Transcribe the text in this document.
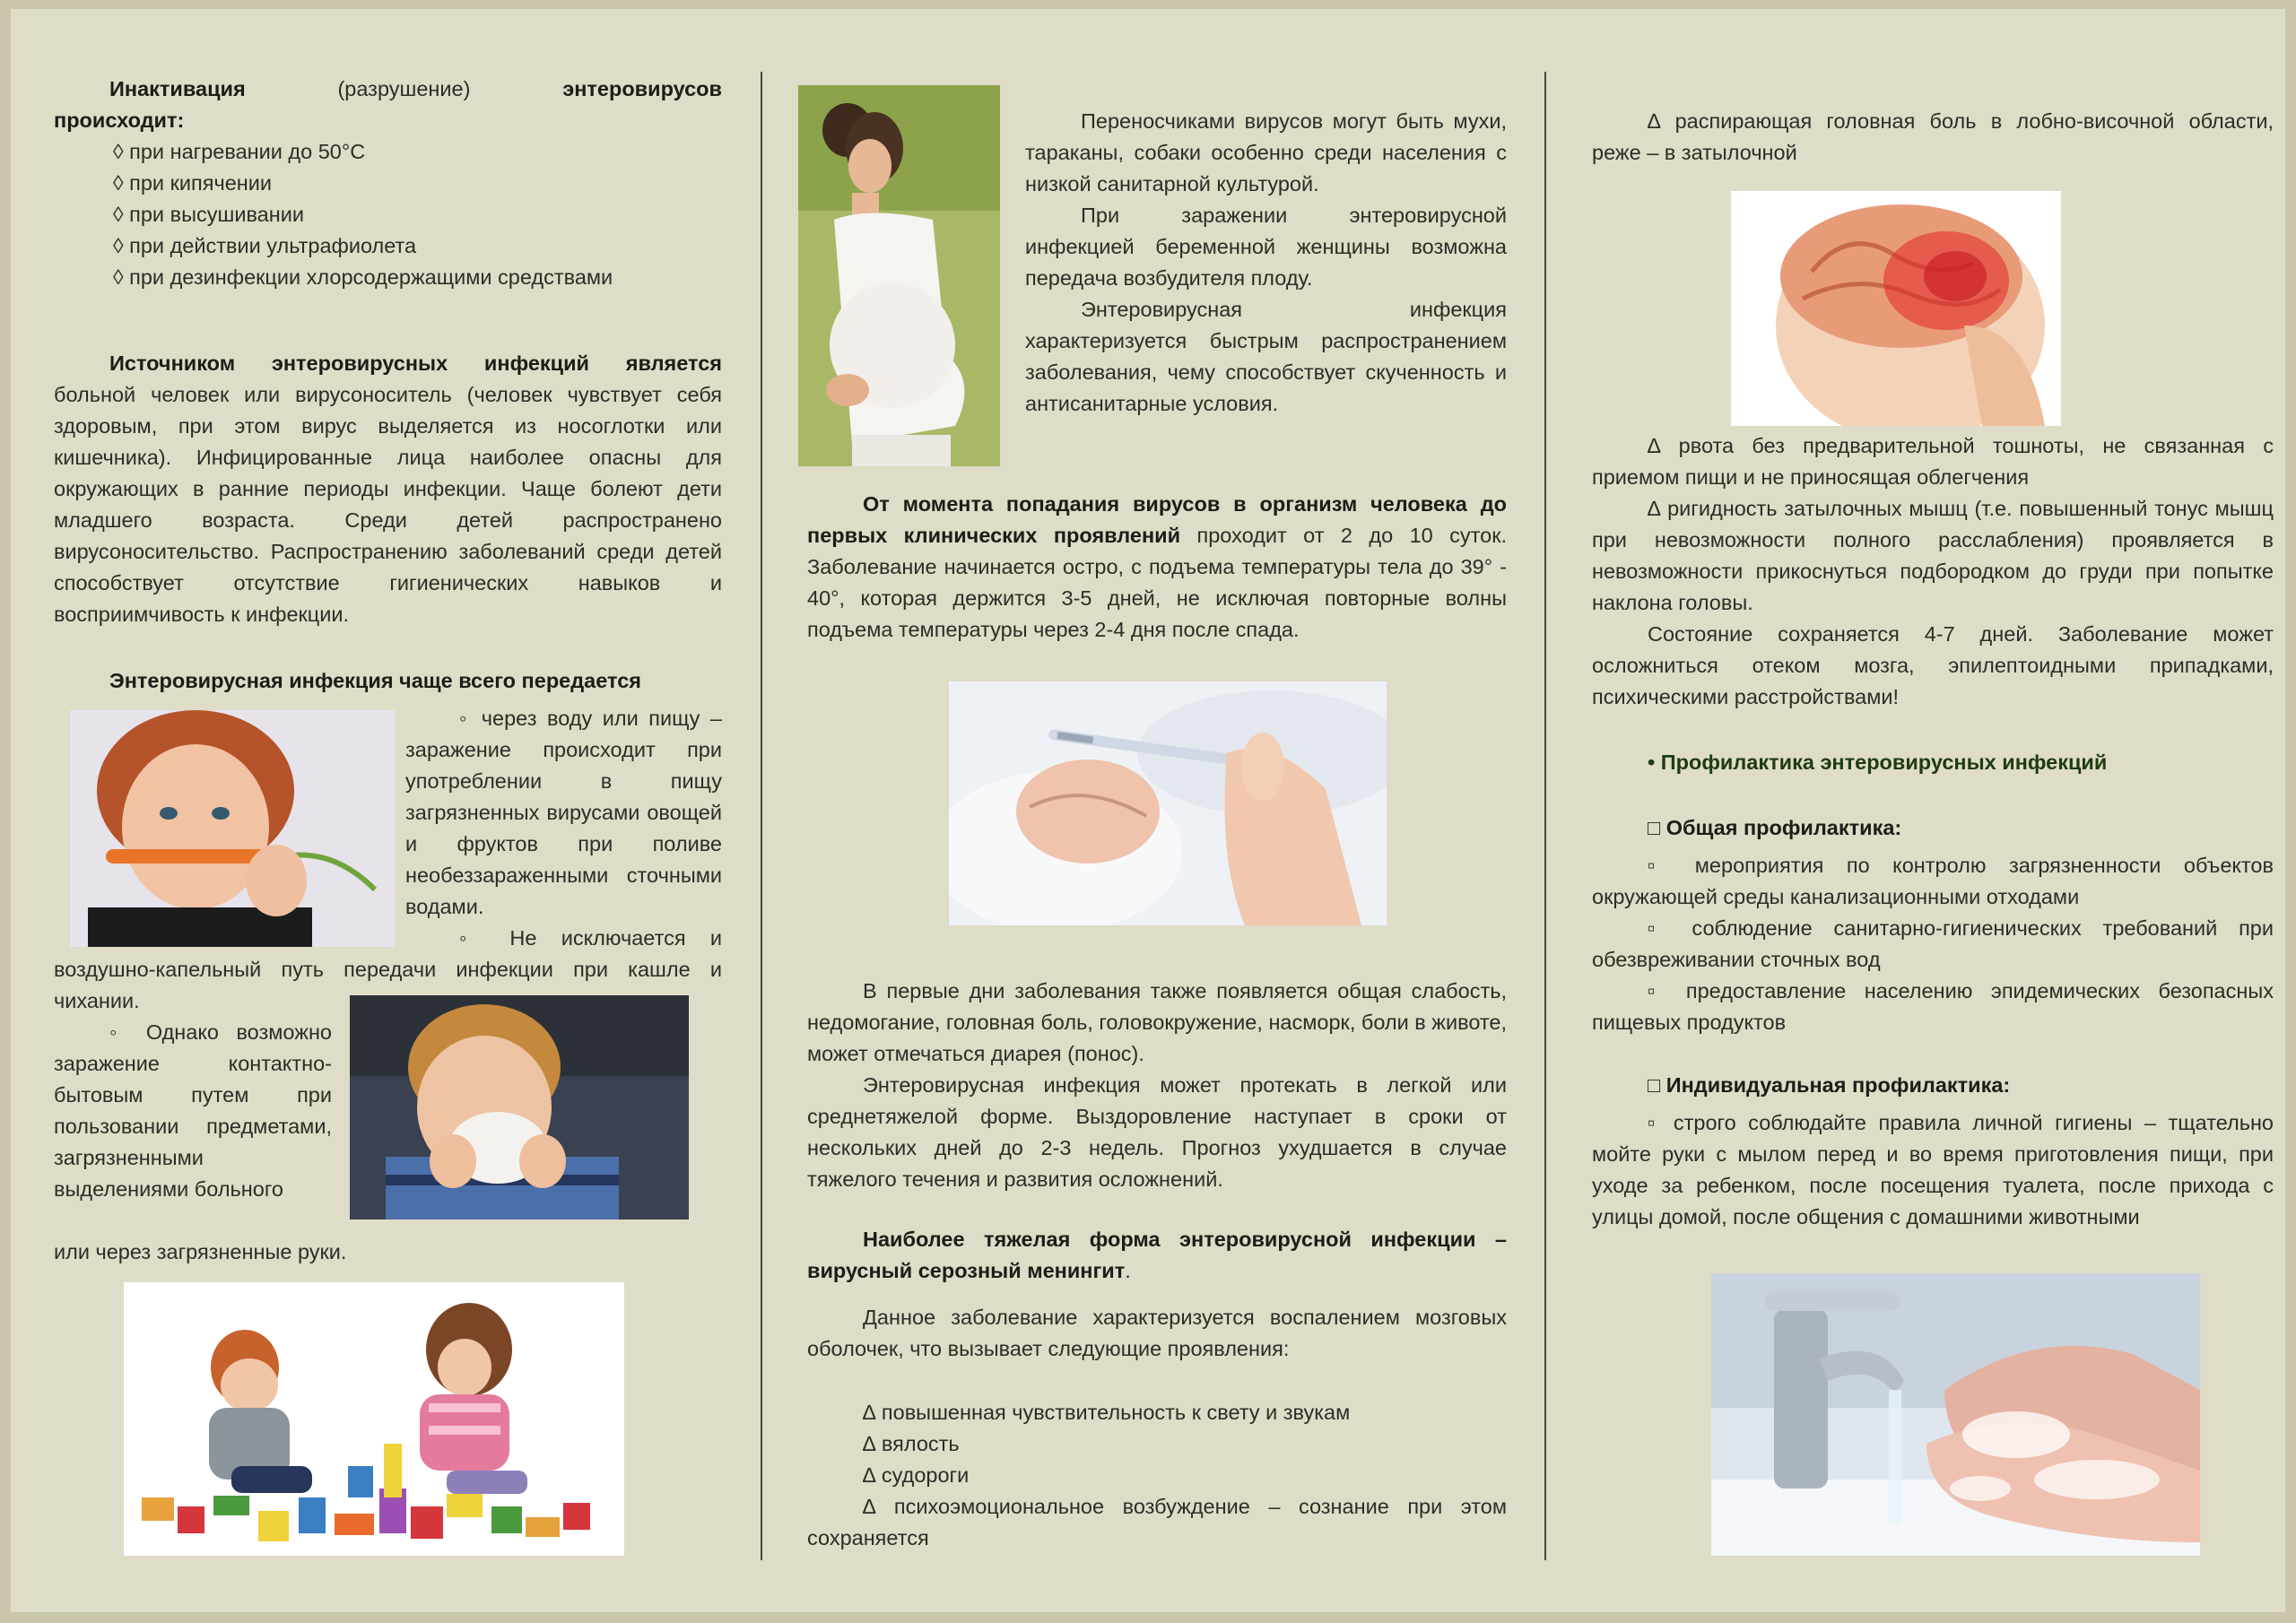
Инактивация	(разрушение)	энтеровирусов
происходит:
◊ при нагревании до 50°С
◊ при кипячении
◊ при высушивании
◊ при действии ультрафиолета
◊ при дезинфекции хлорсодержащими средствами

Источником энтеровирусных инфекций является

больной человек или вирусоноситель (человек чувствует себя здоровым, при этом вирус выделяется из носоглотки или кишечника). Инфицированные лица наиболее опасны для окружающих в ранние периоды инфекции. Чаще болеют дети младшего возраста. Среди детей распространено вирусоносительство. Распространению заболеваний среди детей способствует отсутствие гигиенических навыков и восприимчивость к инфекции.

Энтеровирусная инфекция чаще всего передается

◦ через воду или пищу – заражение происходит при употреблении в пищу загрязненных вирусами овощей и фруктов при поливе необеззараженными сточными водами.

◦ Не исключается и

воздушно-капельный путь передачи инфекции при кашле и чихании.

◦ Однако возможно заражение контактно-бытовым путем при пользовании предметами, загрязненными выделениями больного

или через загрязненные руки.

Переносчиками вирусов могут быть мухи, тараканы, собаки особенно среди населения с низкой санитарной культурой.

При заражении энтеровирусной инфекцией беременной женщины возможна передача возбудителя плоду.

Энтеровирусная инфекция характеризуется быстрым распространением заболевания, чему способствует скученность и антисанитарные условия.

От момента попадания вирусов в организм человека до первых клинических проявлений проходит от 2 до 10 суток. Заболевание начинается остро, с подъема температуры тела до 39° - 40°, которая держится 3-5 дней, не исключая повторные волны подъема температуры через 2-4 дня после спада.

В первые дни заболевания также появляется общая слабость, недомогание, головная боль, головокружение, насморк, боли в животе, может отмечаться диарея (понос).

Энтеровирусная инфекция может протекать в легкой или среднетяжелой форме. Выздоровление наступает в сроки от нескольких дней до 2-3 недель. Прогноз ухудшается в случае тяжелого течения и развития осложнений.

Наиболее тяжелая форма энтеровирусной инфекции – вирусный серозный менингит.

Данное заболевание характеризуется воспалением мозговых оболочек, что вызывает следующие проявления:

∆ повышенная чувствительность к свету и звукам
∆ вялость
∆ судороги

∆ психоэмоциональное возбуждение – сознание при этом сохраняется

∆ распирающая головная боль в лобно-височной области, реже – в затылочной

∆ рвота без предварительной тошноты, не связанная с приемом пищи и не приносящая облегчения

∆ ригидность затылочных мышц (т.е. повышенный тонус мышц при невозможности полного расслабления) проявляется в невозможности прикоснуться подбородком до груди при попытке наклона головы.

Состояние сохраняется 4-7 дней. Заболевание может осложниться отеком мозга, эпилептоидными припадками, психическими расстройствами!

• Профилактика энтеровирусных инфекций

□ Общая профилактика:

▫ мероприятия по контролю загрязненности объектов окружающей среды канализационными отходами

▫ соблюдение санитарно-гигиенических требований при обезвреживании сточных вод

▫ предоставление населению эпидемических безопасных пищевых продуктов

□ Индивидуальная профилактика:

▫ строго соблюдайте правила личной гигиены – тщательно мойте руки с мылом перед и во время приготовления пищи, при уходе за ребенком, после посещения туалета, после прихода с улицы домой, после общения с домашними животными
